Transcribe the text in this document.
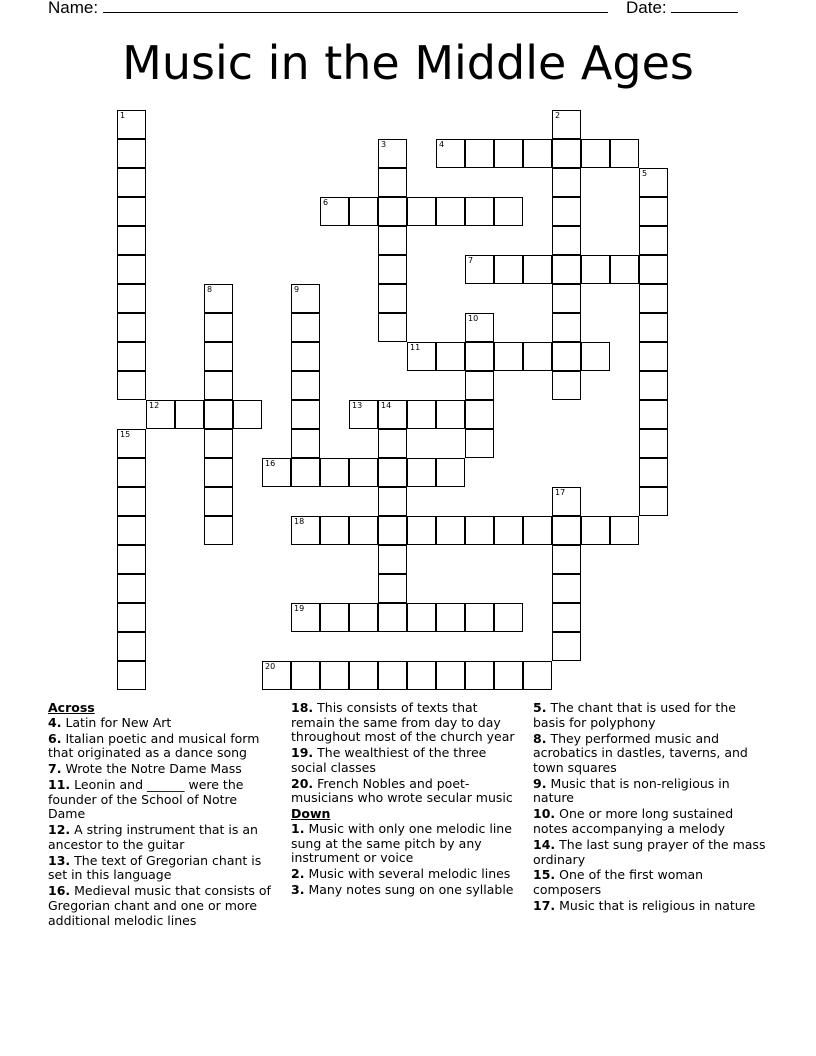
Name:	Date:
Music in the Middle Ages
4
6
7
11
12	13 14
16
18
19
20
1	2
3
5
8	9
10
15
17
Across
4. Latin for New Art
6. Italian poetic and musical form that originated as a dance song
7. Wrote the Notre Dame Mass
11. Leonin and ______ were the founder of the School of Notre Dame
12. A string instrument that is an ancestor to the guitar
13. The text of Gregorian chant is set in this language
16. Medieval music that consists of Gregorian chant and one or more additional melodic lines
18. This consists of texts that remain the same from day to day throughout most of the church year
19. The wealthiest of the three social classes
20. French Nobles and poet-musicians who wrote secular music
Down
1. Music with only one melodic line sung at the same pitch by any instrument or voice
2. Music with several melodic lines
3. Many notes sung on one syllable
5. The chant that is used for the basis for polyphony
8. They performed music and acrobatics in dastles, taverns, and town squares
9. Music that is non-religious in nature
10. One or more long sustained notes accompanying a melody
14. The last sung prayer of the mass ordinary
15. One of the first woman composers
17. Music that is religious in nature
